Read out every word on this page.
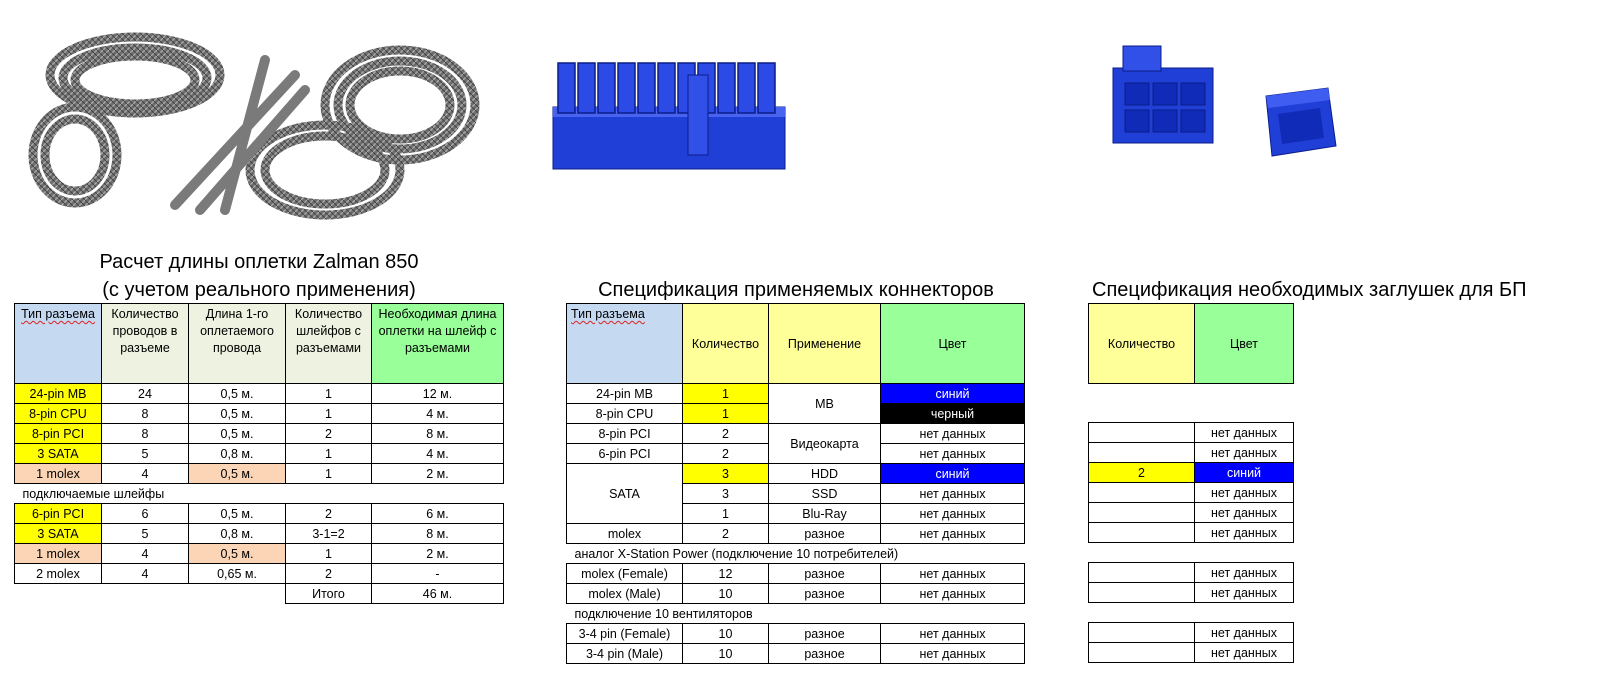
Расчет длины оплетки Zalman 850
(с учетом реального применения)
Тип разъема	Количество проводов в разъеме	Длина 1-го оплетаемого провода	Количество шлейфов с разъемами	Необходимая длина оплетки на шлейф с разъемами
24-pin MB	24	0,5 м.	1	12 м.
8-pin CPU	8	0,5 м.	1	4 м.
8-pin PCI	8	0,5 м.	2	8 м.
3 SATA	5	0,8 м.	1	4 м.
1 molex	4	0,5 м.	1	2 м.
подключаемые шлейфы				
6-pin PCI	6	0,5 м.	2	6 м.
3 SATA	5	0,8 м.	3-1=2	8 м.
1 molex	4	0,5 м.	1	2 м.
2 molex	4	0,65 м.	2	-
			Итого	46 м.
Спецификация применяемых коннекторов
Тип разъема	Количество	Применение	Цвет
24-pin MB	1	MB	синий
8-pin CPU	1		черный
8-pin PCI	2	Видеокарта	нет данных
6-pin PCI	2		нет данных
SATA	3	HDD	синий
	3	SSD	нет данных
	1	Blu-Ray	нет данных
molex	2	разное	нет данных
аналог X-Station Power (подключение 10 потребителей)			
molex (Female)	12	разное	нет данных
molex (Male)	10	разное	нет данных
подключение 10 вентиляторов			
3-4 pin (Female)	10	разное	нет данных
3-4 pin (Male)	10	разное	нет данных
Спецификация необходимых заглушек для БП
Количество	Цвет

	нет данных
	нет данных
2	синий
	нет данных
	нет данных
	нет данных

	нет данных
	нет данных

	нет данных
	нет данных
